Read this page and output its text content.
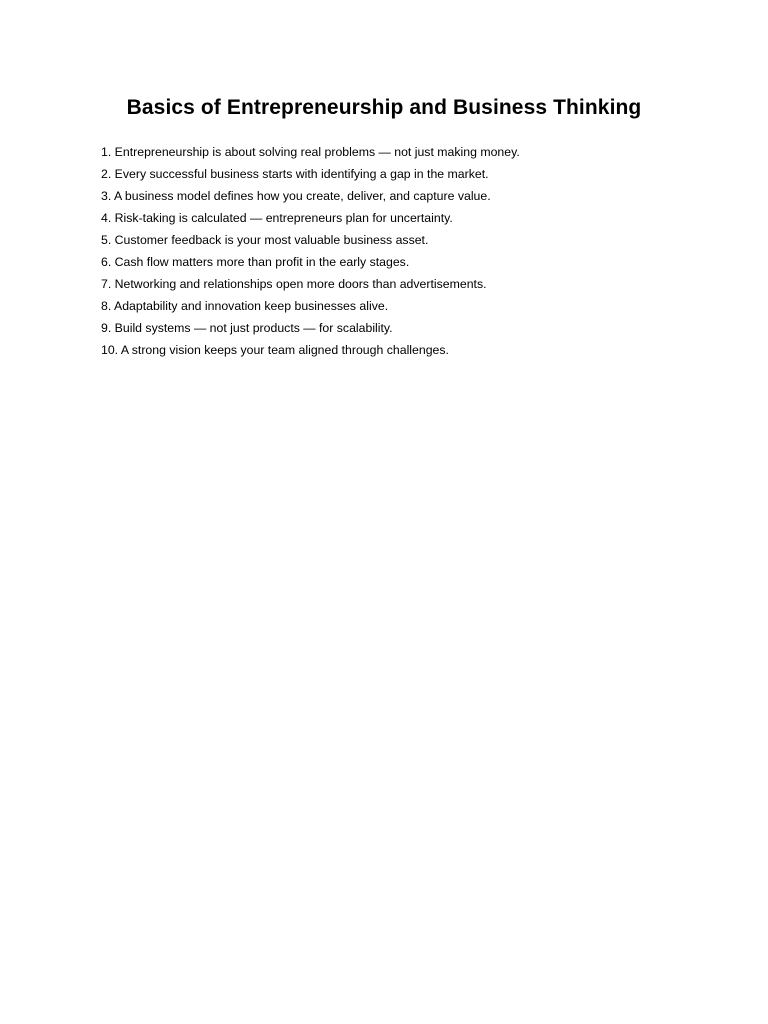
Basics of Entrepreneurship and Business Thinking
1. Entrepreneurship is about solving real problems — not just making money.
2. Every successful business starts with identifying a gap in the market.
3. A business model defines how you create, deliver, and capture value.
4. Risk-taking is calculated — entrepreneurs plan for uncertainty.
5. Customer feedback is your most valuable business asset.
6. Cash flow matters more than profit in the early stages.
7. Networking and relationships open more doors than advertisements.
8. Adaptability and innovation keep businesses alive.
9. Build systems — not just products — for scalability.
10. A strong vision keeps your team aligned through challenges.
